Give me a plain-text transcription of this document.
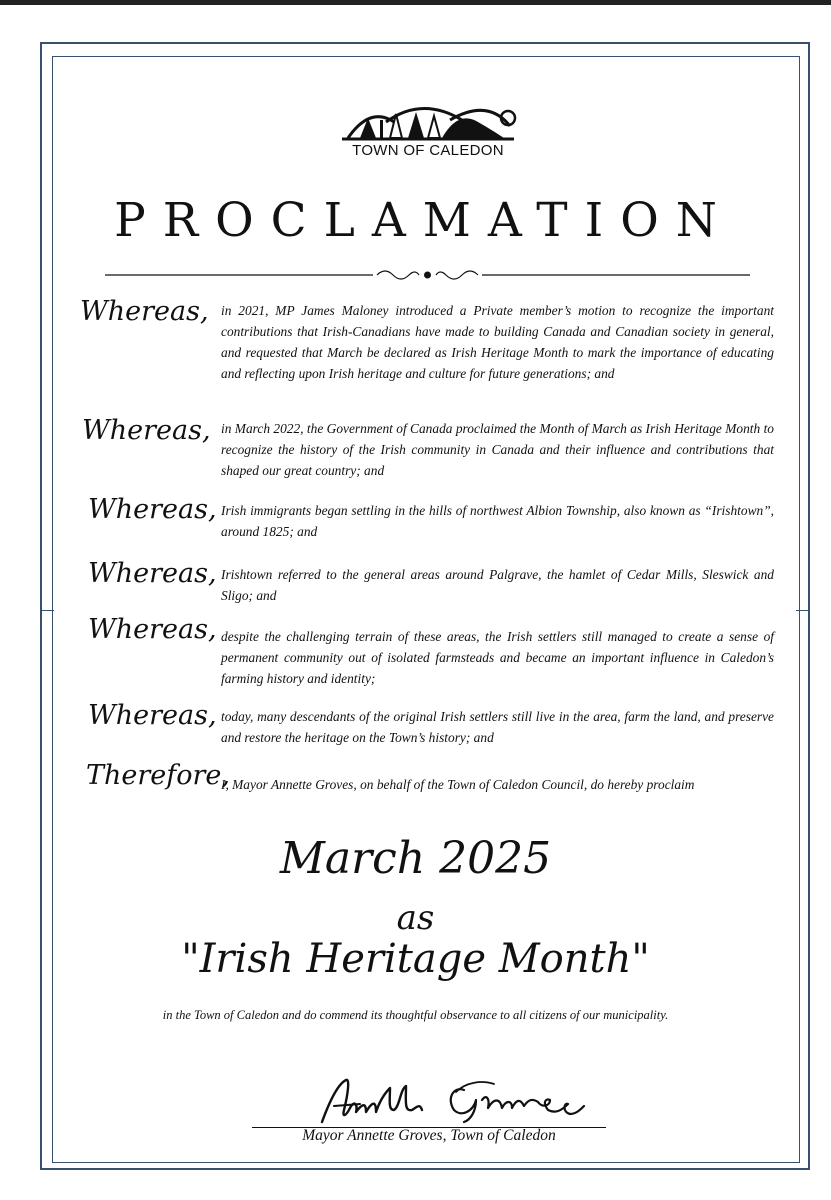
TOWN OF CALEDON
PROCLAMATION
Whereas, in 2021, MP James Maloney introduced a Private member’s motion to recognize the important contributions that Irish-Canadians have made to building Canada and Canadian society in general, and requested that March be declared as Irish Heritage Month to mark the importance of educating and reflecting upon Irish heritage and culture for future generations; and

Whereas, in March 2022, the Government of Canada proclaimed the Month of March as Irish Heritage Month to recognize the history of the Irish community in Canada and their influence and contributions that shaped our great country; and

Whereas, Irish immigrants began settling in the hills of northwest Albion Township, also known as “Irishtown”, around 1825; and

Whereas, Irishtown referred to the general areas around Palgrave, the hamlet of Cedar Mills, Sleswick and Sligo; and

Whereas, despite the challenging terrain of these areas, the Irish settlers still managed to create a sense of permanent community out of isolated farmsteads and became an important influence in Caledon’s farming history and identity;

Whereas, today, many descendants of the original Irish settlers still live in the area, farm the land, and preserve and restore the heritage on the Town’s history; and

Therefore,

I, Mayor Annette Groves, on behalf of the Town of Caledon Council, do hereby proclaim

March 2025
as
"Irish Heritage Month"
in the Town of Caledon and do commend its thoughtful observance to all citizens of our municipality.
Mayor Annette Groves, Town of Caledon
